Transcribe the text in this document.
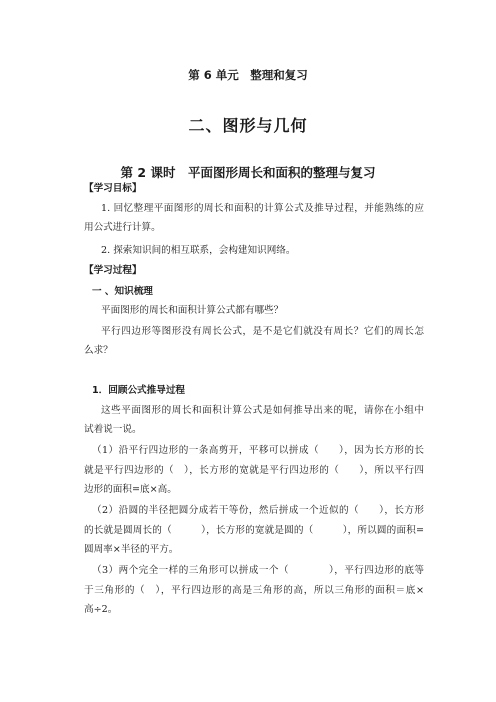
第 6 单元　整理和复习
二、图形与几何
第 2 课时　平面图形周长和面积的整理与复习
【学习目标】
1. 回忆整理平面图形的周长和面积的计算公式及推导过程，并能熟练的应
用公式进行计算。
2. 探索知识间的相互联系，会构建知识网络。
【学习过程】
一 、知识梳理
平面图形的周长和面积计算公式都有哪些？
平行四边形等图形没有周长公式，是不是它们就没有周长？它们的周长怎
么求？
1．回顾公式推导过程
这些平面图形的周长和面积计算公式是如何推导出来的呢，请你在小组中
试着说一说。
（1）沿平行四边形的一条高剪开，平移可以拼成（　　），因为长方形的长
就是平行四边形的（　），长方形的宽就是平行四边形的（　　），所以平行四
边形的面积=底×高。
（2）沿圆的半径把圆分成若干等份，然后拼成一个近似的（　　），长方形
的长就是圆周长的（　　　），长方形的宽就是圆的（　　　），所以圆的面积=
圆周率×半径的平方。
（3）两个完全一样的三角形可以拼成一个（　　　　），平行四边形的底等
于三角形的（　），平行四边形的高是三角形的高，所以三角形的面积＝底×
高÷2。
